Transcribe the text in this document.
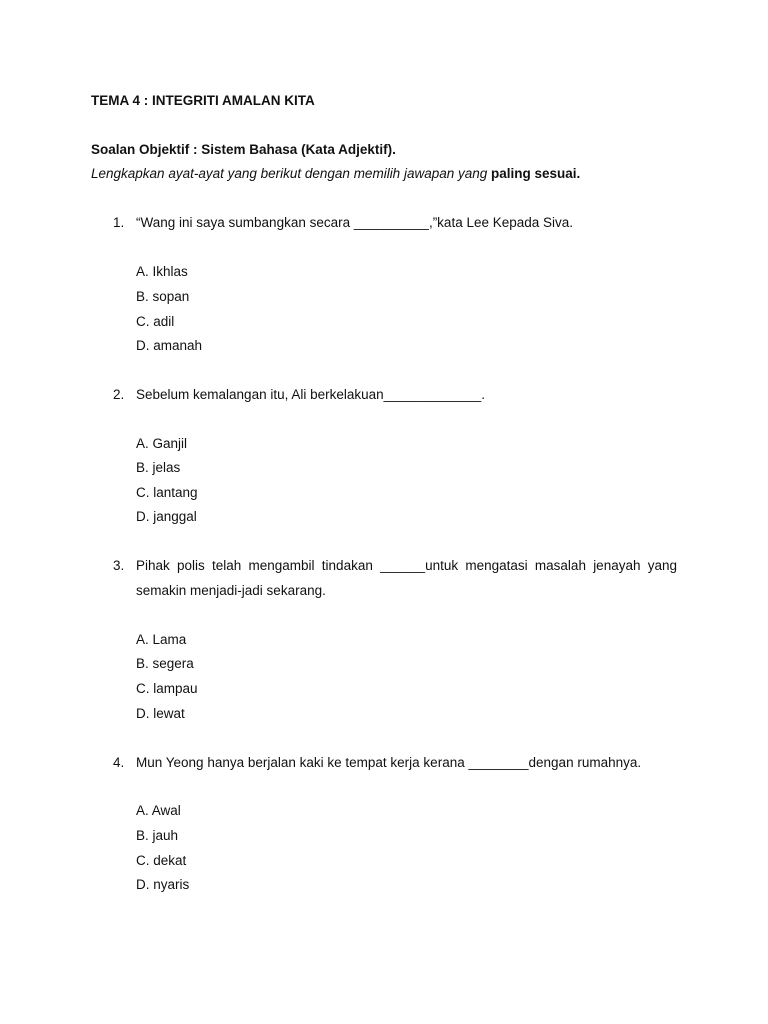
TEMA 4 : INTEGRITI AMALAN KITA
Soalan Objektif : Sistem Bahasa (Kata Adjektif).
Lengkapkan ayat-ayat yang berikut dengan memilih jawapan yang paling sesuai.
1. “Wang ini saya sumbangkan secara __________,”kata Lee Kepada Siva.
A. Ikhlas
B. sopan
C. adil
D. amanah
2. Sebelum kemalangan itu, Ali berkelakuan_____________.
A. Ganjil
B. jelas
C. lantang
D. janggal
3. Pihak polis telah mengambil tindakan ______untuk mengatasi masalah jenayah yang
semakin menjadi-jadi sekarang.
A. Lama
B. segera
C. lampau
D. lewat
4. Mun Yeong hanya berjalan kaki ke tempat kerja kerana ________dengan rumahnya.
A. Awal
B. jauh
C. dekat
D. nyaris
